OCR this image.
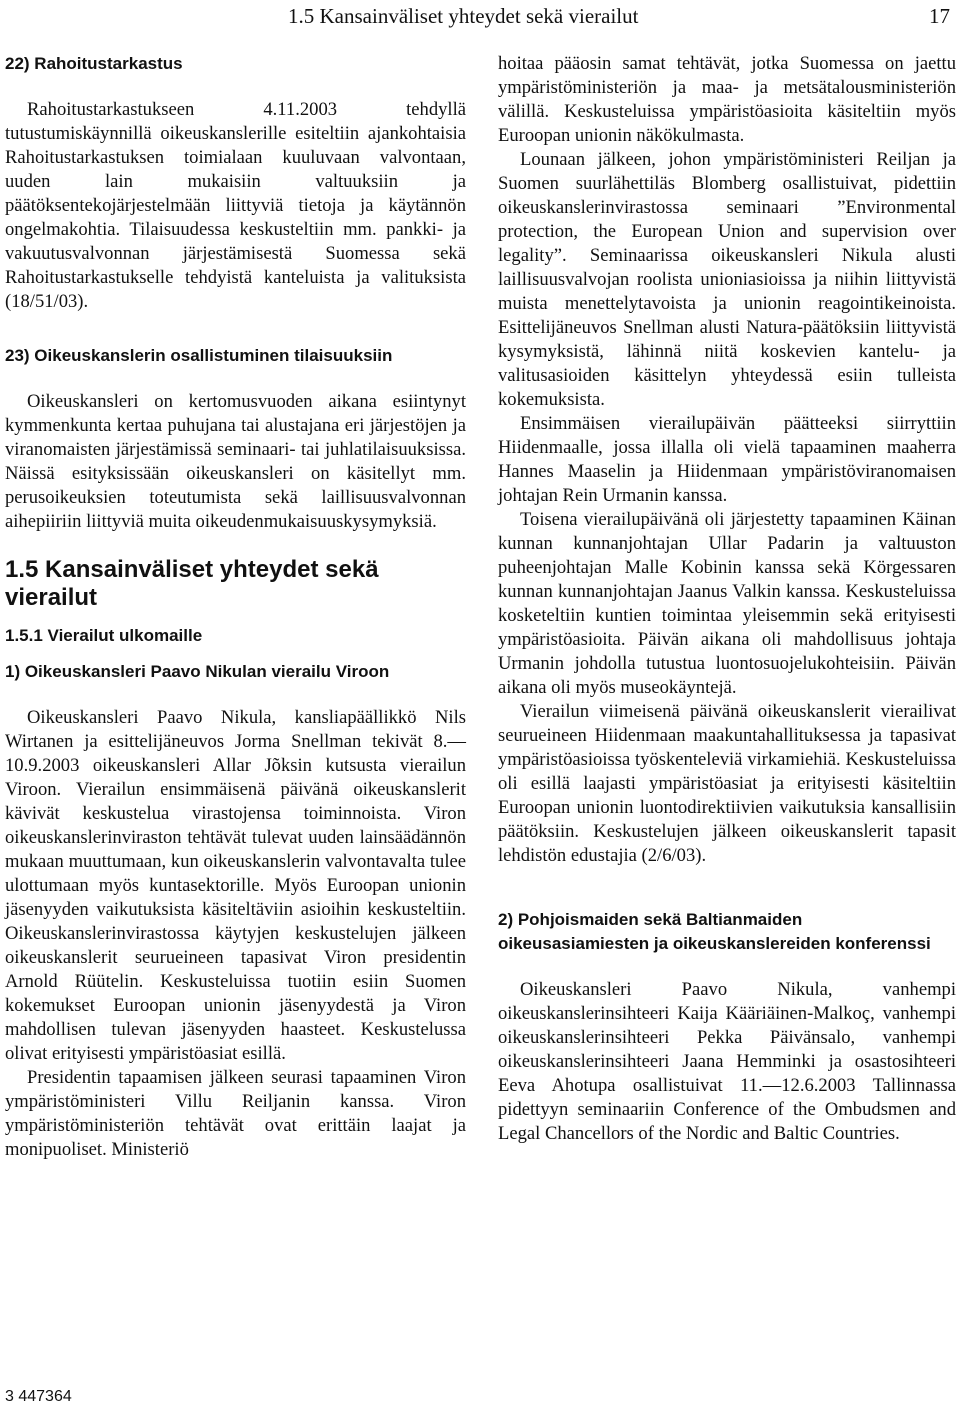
1.5 Kansainväliset yhteydet sekä vierailut	17
22) Rahoitustarkastus

Rahoitustarkastukseen 4.11.2003 tehdyllä tutustumiskäynnillä oikeuskanslerille esiteltiin ajankohtaisia Rahoitustarkastuksen toimialaan kuuluvaan valvontaan, uuden lain mukaisiin valtuuksiin ja päätöksentekojärjestelmään liittyviä tietoja ja käytännön ongelmakohtia. Tilaisuudessa keskusteltiin mm. pankki- ja vakuutusvalvonnan järjestämisestä Suomessa sekä Rahoitustarkastukselle tehdyistä kanteluista ja valituksista (18/51/03).

23) Oikeuskanslerin osallistuminen tilaisuuksiin

Oikeuskansleri on kertomusvuoden aikana esiintynyt kymmenkunta kertaa puhujana tai alustajana eri järjestöjen ja viranomaisten järjestämissä seminaari- tai juhlatilaisuuksissa. Näissä esityksissään oikeuskansleri on käsitellyt mm. perusoikeuksien toteutumista sekä laillisuusvalvonnan aihepiiriin liittyviä muita oikeudenmukaisuuskysymyksiä.

1.5 Kansainväliset yhteydet sekä vierailut
1.5.1 Vierailut ulkomaille
1) Oikeuskansleri Paavo Nikulan vierailu Viroon

Oikeuskansleri Paavo Nikula, kansliapäällikkö Nils Wirtanen ja esittelijäneuvos Jorma Snellman tekivät 8.—10.9.2003 oikeuskansleri Allar Jõksin kutsusta vierailun Viroon. Vierailun ensimmäisenä päivänä oikeuskanslerit kävivät keskustelua virastojensa toiminnoista. Viron oikeuskanslerinviraston tehtävät tulevat uuden lainsäädännön mukaan muuttumaan, kun oikeuskanslerin valvontavalta tulee ulottumaan myös kuntasektorille. Myös Euroopan unionin jäsenyyden vaikutuksista käsiteltäviin asioihin keskusteltiin. Oikeuskanslerinvirastossa käytyjen keskustelujen jälkeen oikeuskanslerit seurueineen tapasivat Viron presidentin Arnold Rüütelin. Keskusteluissa tuotiin esiin Suomen kokemukset Euroopan unionin jäsenyydestä ja Viron mahdollisen tulevan jäsenyyden haasteet. Keskustelussa olivat erityisesti ympäristöasiat esillä.

Presidentin tapaamisen jälkeen seurasi tapaaminen Viron ympäristöministeri Villu Reiljanin kanssa. Viron ympäristöministeriön tehtävät ovat erittäin laajat ja monipuoliset. Ministeriö

hoitaa pääosin samat tehtävät, jotka Suomessa on jaettu ympäristöministeriön ja maa- ja metsätalousministeriön välillä. Keskusteluissa ympäristöasioita käsiteltiin myös Euroopan unionin näkökulmasta.

Lounaan jälkeen, johon ympäristöministeri Reiljan ja Suomen suurlähettiläs Blomberg osallistuivat, pidettiin oikeuskanslerinvirastossa seminaari ”Environmental protection, the European Union and supervision over legality”. Seminaarissa oikeuskansleri Nikula alusti laillisuusvalvojan roolista unioniasioissa ja niihin liittyvistä muista menettelytavoista ja unionin reagointikeinoista. Esittelijäneuvos Snellman alusti Natura-päätöksiin liittyvistä kysymyksistä, lähinnä niitä koskevien kantelu- ja valitusasioiden käsittelyn yhteydessä esiin tulleista kokemuksista.

Ensimmäisen vierailupäivän päätteeksi siirryttiin Hiidenmaalle, jossa illalla oli vielä tapaaminen maaherra Hannes Maaselin ja Hiidenmaan ympäristöviranomaisen johtajan Rein Urmanin kanssa.

Toisena vierailupäivänä oli järjestetty tapaaminen Käinan kunnan kunnanjohtajan Ullar Padarin ja valtuuston puheenjohtajan Malle Kobinin kanssa sekä Körgessaren kunnan kunnanjohtajan Jaanus Valkin kanssa. Keskusteluissa kosketeltiin kuntien toimintaa yleisemmin sekä erityisesti ympäristöasioita. Päivän aikana oli mahdollisuus johtaja Urmanin johdolla tutustua luontosuojelukohteisiin. Päivän aikana oli myös museokäyntejä.

Vierailun viimeisenä päivänä oikeuskanslerit vierailivat seurueineen Hiidenmaan maakuntahallituksessa ja tapasivat ympäristöasioissa työskenteleviä virkamiehiä. Keskusteluissa oli esillä laajasti ympäristöasiat ja erityisesti käsiteltiin Euroopan unionin luontodirektiivien vaikutuksia kansallisiin päätöksiin. Keskustelujen jälkeen oikeuskanslerit tapasit lehdistön edustajia (2/6/03).

2) Pohjoismaiden sekä Baltianmaiden oikeusasiamiesten ja oikeuskanslereiden konferenssi

Oikeuskansleri Paavo Nikula, vanhempi oikeuskanslerinsihteeri Kaija Kääriäinen-Malkoç, vanhempi oikeuskanslerinsihteeri Pekka Päivänsalo, vanhempi oikeuskanslerinsihteeri Jaana Hemminki ja osastosihteeri Eeva Ahotupa osallistuivat 11.—12.6.2003 Tallinnassa pidettyyn seminaariin Conference of the Ombudsmen and Legal Chancellors of the Nordic and Baltic Countries.

3 447364
